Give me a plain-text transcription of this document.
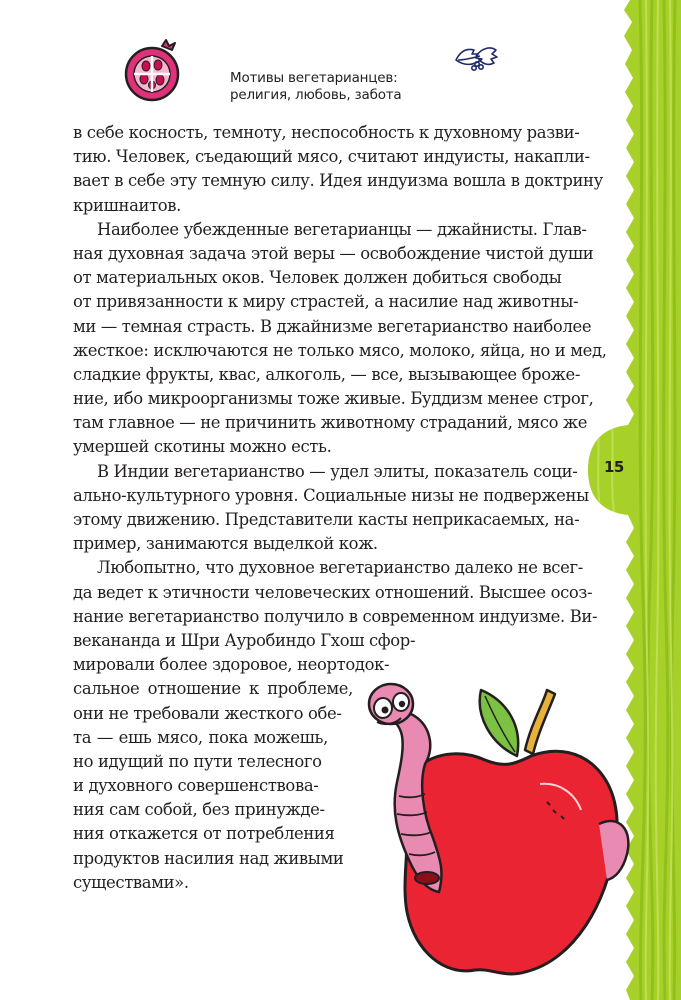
15
Мотивы вегетарианцев:
религия, любовь, забота
в себе косность, темноту, неспособность к духовному разви-
тию. Человек, съедающий мясо, считают индуисты, накапли-
вает в себе эту темную силу. Идея индуизма вошла в доктрину
кришнаитов.
Наиболее убежденные вегетарианцы — джайнисты. Глав-
ная духовная задача этой веры — освобождение чистой души
от материальных оков. Человек должен добиться свободы
от привязанности к миру страстей, а насилие над животны-
ми — темная страсть. В джайнизме вегетарианство наиболее
жесткое: исключаются не только мясо, молоко, яйца, но и мед,
сладкие фрукты, квас, алкоголь, — все, вызывающее броже-
ние, ибо микроорганизмы тоже живые. Буддизм менее строг,
там главное — не причинить животному страданий, мясо же
умершей скотины можно есть.
В Индии вегетарианство — удел элиты, показатель соци-
ально-культурного уровня. Социальные низы не подвержены
этому движению. Представители касты неприкасаемых, на-
пример, занимаются выделкой кож.
Любопытно, что духовное вегетарианство далеко не всег-
да ведет к этичности человеческих отношений. Высшее осоз-
нание вегетарианство получило в современном индуизме. Ви-
векананда и Шри Ауробиндо Гхош сфор-
мировали более здоровое, неортодок-
сальное отношение к проблеме,
они не требовали жесткого обе-
та — ешь мясо, пока можешь,
но идущий по пути телесного
и духовного совершенствова-
ния сам собой, без принужде-
ния откажется от потребления
продуктов насилия над живыми
существами».
